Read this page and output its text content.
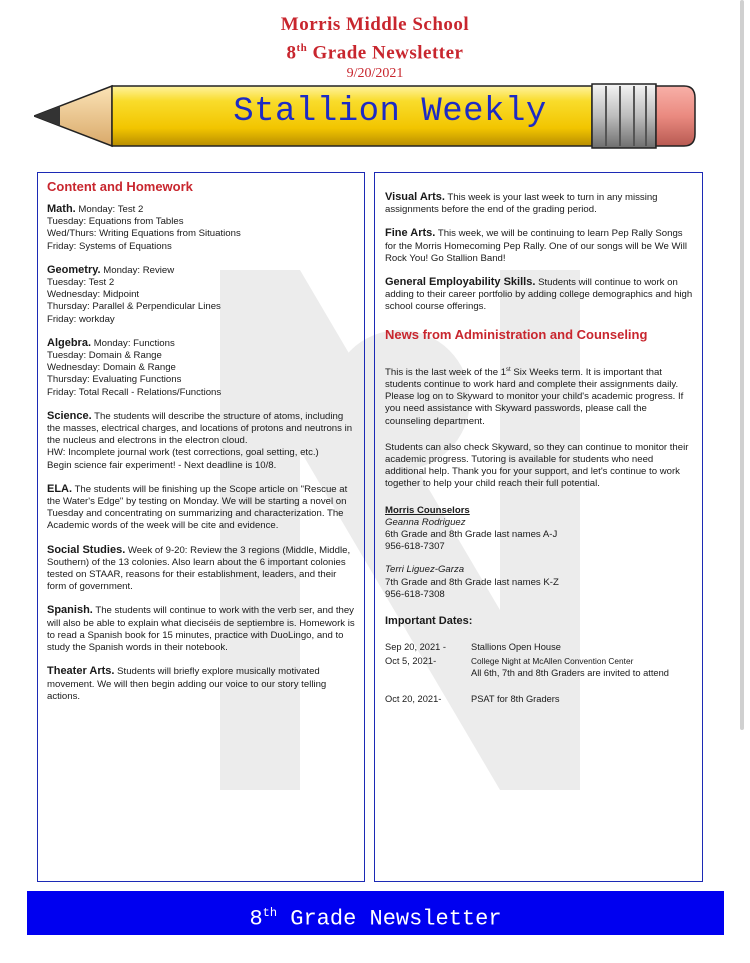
Morris Middle School
8th Grade Newsletter
9/20/2021
Stallion Weekly
Content and Homework

Math. Monday: Test 2
Tuesday: Equations from Tables
Wed/Thurs: Writing Equations from Situations
Friday: Systems of Equations

Geometry. Monday: Review
Tuesday: Test 2
Wednesday: Midpoint
Thursday: Parallel & Perpendicular Lines
Friday: workday

Algebra. Monday: Functions
Tuesday: Domain & Range
Wednesday: Domain & Range
Thursday: Evaluating Functions
Friday: Total Recall - Relations/Functions

Science. The students will describe the structure of atoms, including the masses, electrical charges, and locations of protons and neutrons in the nucleus and electrons in the electron cloud.
HW: Incomplete journal work (test corrections, goal setting, etc.)
Begin science fair experiment! - Next deadline is 10/8.

ELA. The students will be finishing up the Scope article on "Rescue at the Water's Edge" by testing on Monday. We will be starting a novel on Tuesday and concentrating on summarizing and characterization. The Academic words of the week will be cite and evidence.

Social Studies. Week of 9-20: Review the 3 regions (Middle, Middle, Southern) of the 13 colonies. Also learn about the 6 important colonies tested on STAAR, reasons for their establishment, leaders, and their form of government.

Spanish. The students will continue to work with the verb ser, and they will also be able to explain what dieciséis de septiembre is. Homework is to read a Spanish book for 15 minutes, practice with DuoLingo, and to study the Spanish words in their notebook.

Theater Arts. Students will briefly explore musically motivated movement. We will then begin adding our voice to our story telling actions.

Visual Arts. This week is your last week to turn in any missing assignments before the end of the grading period.

Fine Arts. This week, we will be continuing to learn Pep Rally Songs for the Morris Homecoming Pep Rally. One of our songs will be We Will Rock You! Go Stallion Band!

General Employability Skills. Students will continue to work on adding to their career portfolio by adding college demographics and high school course offerings.

News from Administration and Counseling

This is the last week of the 1st Six Weeks term. It is important that students continue to work hard and complete their assignments daily. Please log on to Skyward to monitor your child's academic progress. If you need assistance with Skyward passwords, please call the counseling department.

Students can also check Skyward, so they can continue to monitor their academic progress. Tutoring is available for students who need additional help. Thank you for your support, and let's continue to work together to help your child reach their full potential.

Morris Counselors
Geanna Rodriguez
6th Grade and 8th Grade last names A-J
956-618-7307

Terri Liguez-Garza
7th Grade and 8th Grade last names K-Z
956-618-7308

Important Dates:
Sep 20, 2021 -	Stallions Open House
Oct 5, 2021-	College Night at McAllen Convention Center
All 6th, 7th and 8th Graders are invited to attend
Oct 20, 2021-	PSAT for 8th Graders
8th Grade Newsletter
